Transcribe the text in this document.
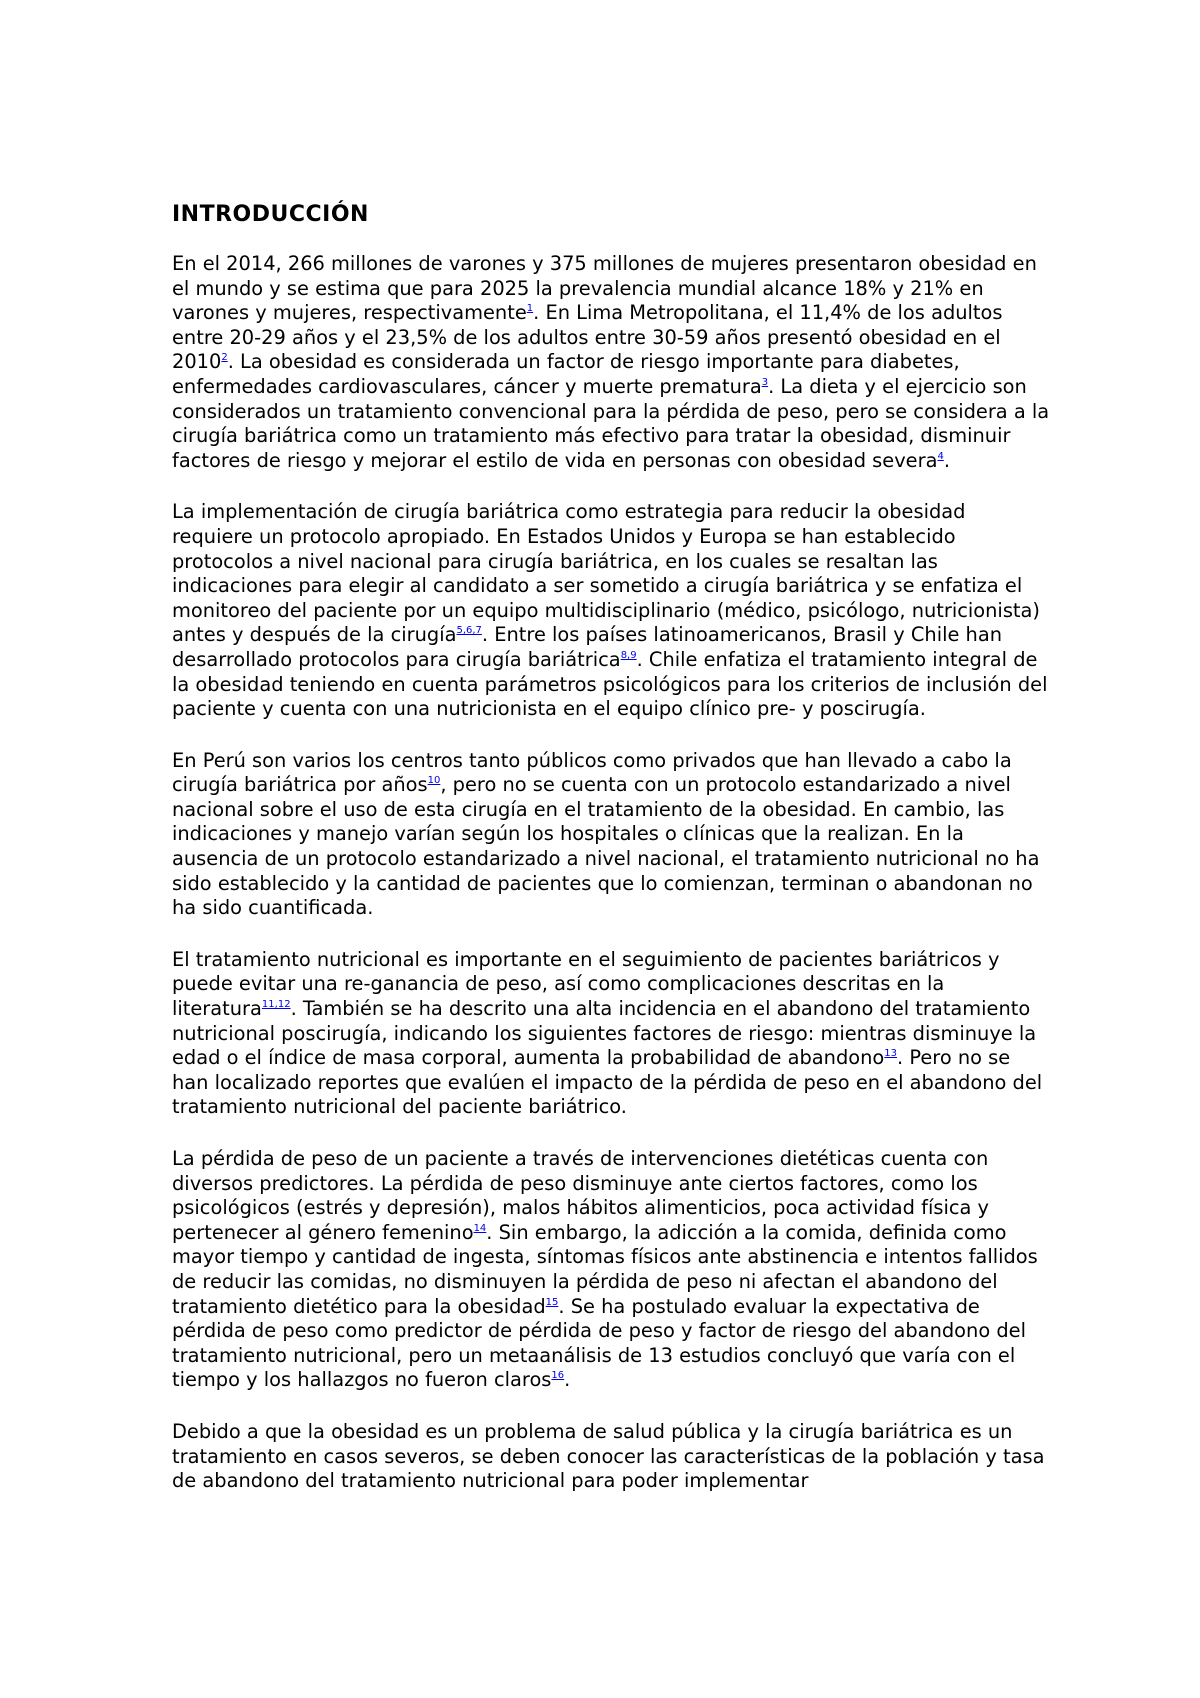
INTRODUCCIÓN

En el 2014, 266 millones de varones y 375 millones de mujeres presentaron obesidad en el mundo y se estima que para 2025 la prevalencia mundial alcance 18% y 21% en varones y mujeres, respectivamente$^1$. En Lima Metropolitana, el 11,4% de los adultos entre 20-29 años y el 23,5% de los adultos entre 30-59 años presentó obesidad en el 2010$^2$. La obesidad es considerada un factor de riesgo importante para diabetes, enfermedades cardiovasculares, cáncer y muerte prematura$^3$. La dieta y el ejercicio son considerados un tratamiento convencional para la pérdida de peso, pero se considera a la cirugía bariátrica como un tratamiento más efectivo para tratar la obesidad, disminuir factores de riesgo y mejorar el estilo de vida en personas con obesidad severa$^4$.

La implementación de cirugía bariátrica como estrategia para reducir la obesidad requiere un protocolo apropiado. En Estados Unidos y Europa se han establecido protocolos a nivel nacional para cirugía bariátrica, en los cuales se resaltan las indicaciones para elegir al candidato a ser sometido a cirugía bariátrica y se enfatiza el monitoreo del paciente por un equipo multidisciplinario (médico, psicólogo, nutricionista) antes y después de la cirugía$^{5,6,7}$. Entre los países latinoamericanos, Brasil y Chile han desarrollado protocolos para cirugía bariátrica$^{8,9}$. Chile enfatiza el tratamiento integral de la obesidad teniendo en cuenta parámetros psicológicos para los criterios de inclusión del paciente y cuenta con una nutricionista en el equipo clínico pre- y poscirugía.

En Perú son varios los centros tanto públicos como privados que han llevado a cabo la cirugía bariátrica por años$^{10}$, pero no se cuenta con un protocolo estandarizado a nivel nacional sobre el uso de esta cirugía en el tratamiento de la obesidad. En cambio, las indicaciones y manejo varían según los hospitales o clínicas que la realizan. En la ausencia de un protocolo estandarizado a nivel nacional, el tratamiento nutricional no ha sido establecido y la cantidad de pacientes que lo comienzan, terminan o abandonan no ha sido cuantificada.

El tratamiento nutricional es importante en el seguimiento de pacientes bariátricos y puede evitar una re-ganancia de peso, así como complicaciones descritas en la literatura$^{11,12}$. También se ha descrito una alta incidencia en el abandono del tratamiento nutricional poscirugía, indicando los siguientes factores de riesgo: mientras disminuye la edad o el índice de masa corporal, aumenta la probabilidad de abandono$^{13}$. Pero no se han localizado reportes que evalúen el impacto de la pérdida de peso en el abandono del tratamiento nutricional del paciente bariátrico.

La pérdida de peso de un paciente a través de intervenciones dietéticas cuenta con diversos predictores. La pérdida de peso disminuye ante ciertos factores, como los psicológicos (estrés y depresión), malos hábitos alimenticios, poca actividad física y pertenecer al género femenino$^{14}$. Sin embargo, la adicción a la comida, definida como mayor tiempo y cantidad de ingesta, síntomas físicos ante abstinencia e intentos fallidos de reducir las comidas, no disminuyen la pérdida de peso ni afectan el abandono del tratamiento dietético para la obesidad$^{15}$. Se ha postulado evaluar la expectativa de pérdida de peso como predictor de pérdida de peso y factor de riesgo del abandono del tratamiento nutricional, pero un metaanálisis de 13 estudios concluyó que varía con el tiempo y los hallazgos no fueron claros$^{16}$.

Debido a que la obesidad es un problema de salud pública y la cirugía bariátrica es un tratamiento en casos severos, se deben conocer las características de la población y tasa de abandono del tratamiento nutricional para poder implementar
